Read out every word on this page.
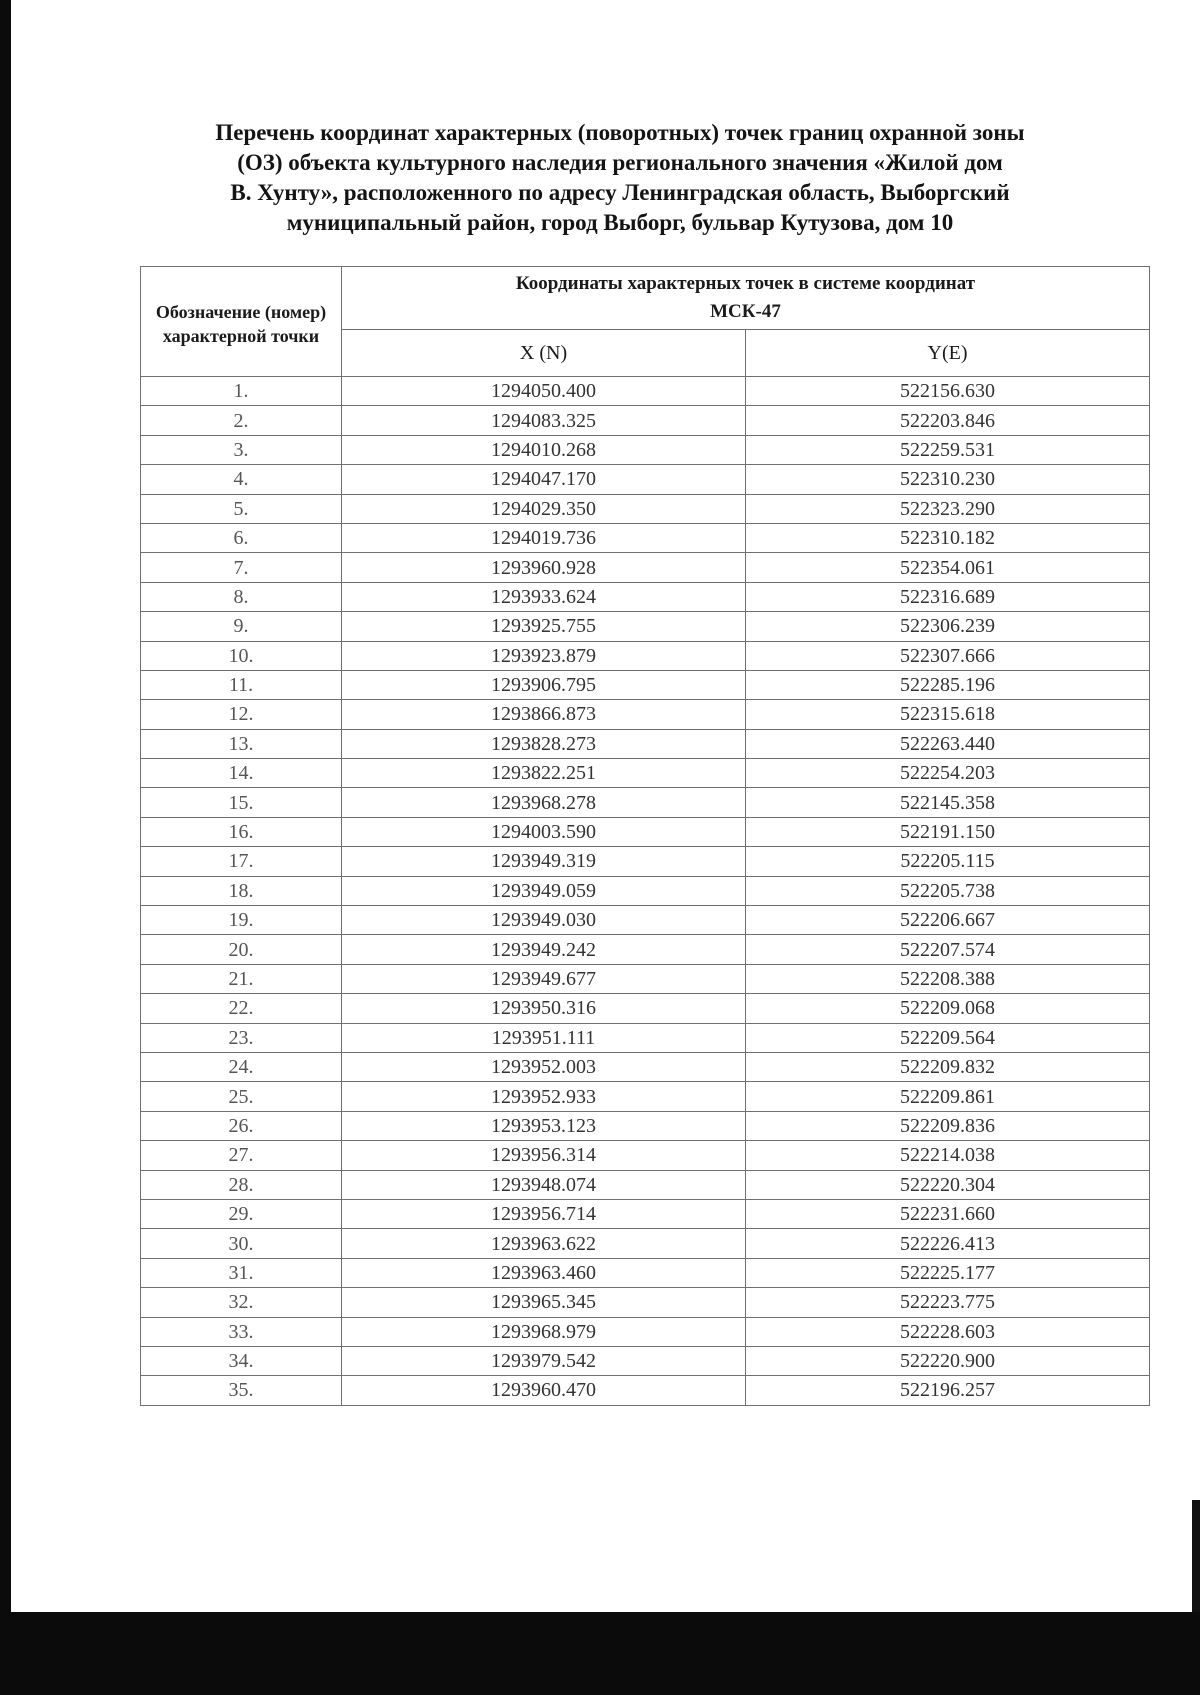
Перечень координат характерных (поворотных) точек границ охранной зоны
(ОЗ) объекта культурного наследия регионального значения «Жилой дом
В. Хунту», расположенного по адресу Ленинградская область, Выборгский
муниципальный район, город Выборг, бульвар Кутузова, дом 10
Обозначение (номер) характерной точки	Координаты характерных точек в системе координат
МСК-47	

	X (N)	Y(E)
1.	1294050.400	522156.630
2.	1294083.325	522203.846
3.	1294010.268	522259.531
4.	1294047.170	522310.230
5.	1294029.350	522323.290
6.	1294019.736	522310.182
7.	1293960.928	522354.061
8.	1293933.624	522316.689
9.	1293925.755	522306.239
10.	1293923.879	522307.666
11.	1293906.795	522285.196
12.	1293866.873	522315.618
13.	1293828.273	522263.440
14.	1293822.251	522254.203
15.	1293968.278	522145.358
16.	1294003.590	522191.150
17.	1293949.319	522205.115
18.	1293949.059	522205.738
19.	1293949.030	522206.667
20.	1293949.242	522207.574
21.	1293949.677	522208.388
22.	1293950.316	522209.068
23.	1293951.111	522209.564
24.	1293952.003	522209.832
25.	1293952.933	522209.861
26.	1293953.123	522209.836
27.	1293956.314	522214.038
28.	1293948.074	522220.304
29.	1293956.714	522231.660
30.	1293963.622	522226.413
31.	1293963.460	522225.177
32.	1293965.345	522223.775
33.	1293968.979	522228.603
34.	1293979.542	522220.900
35.	1293960.470	522196.257
